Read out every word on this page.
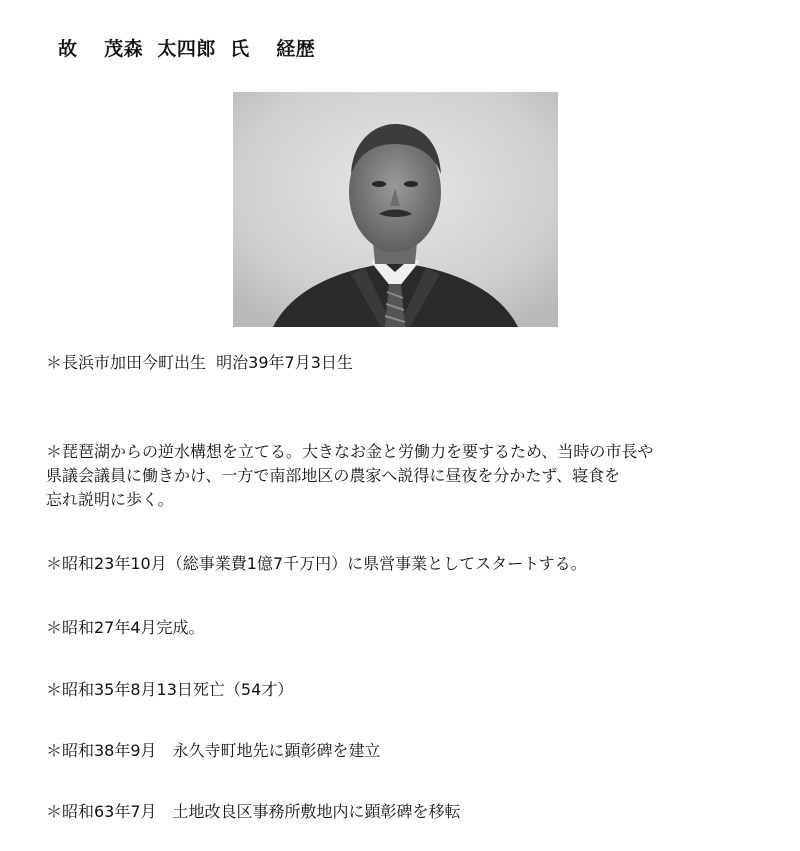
故　 茂森  太四郎  氏 　経歴
＊長浜市加田今町出生  明治39年7月3日生
＊琵琶湖からの逆水構想を立てる。大きなお金と労働力を要するため、当時の市長や
県議会議員に働きかけ、一方で南部地区の農家へ説得に昼夜を分かたず、寝食を
忘れ説明に歩く。
＊昭和23年10月（総事業費1億7千万円）に県営事業としてスタートする。
＊昭和27年4月完成。
＊昭和35年8月13日死亡（54才）
＊昭和38年9月　永久寺町地先に顕彰碑を建立
＊昭和63年7月　土地改良区事務所敷地内に顕彰碑を移転
